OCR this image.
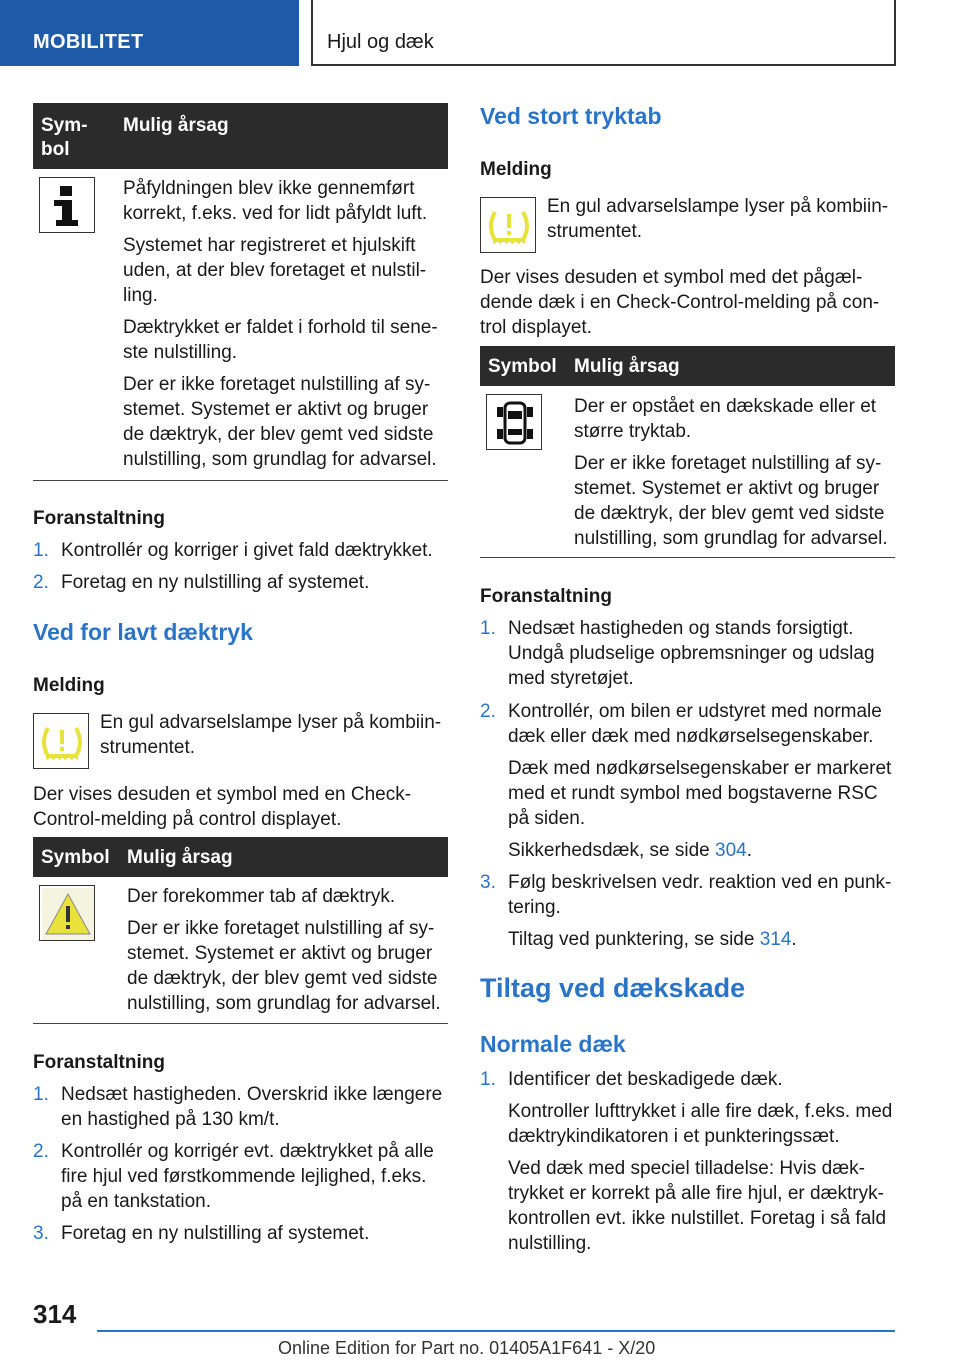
MOBILITET	Hjul og dæk
Sym-
bol
Mulig årsag
Påfyldningen blev ikke gennemført
korrekt, f.eks. ved for lidt påfyldt luft.
Systemet har registreret et hjulskift
uden, at der blev foretaget et nulstil-
ling.
Dæktrykket er faldet i forhold til sene-
ste nulstilling.
Der er ikke foretaget nulstilling af sy-
stemet. Systemet er aktivt og bruger
de dæktryk, der blev gemt ved sidste
nulstilling, som grundlag for advarsel.
Foranstaltning
1. Kontrollér og korriger i givet fald dæktrykket.
2. Foretag en ny nulstilling af systemet.
Ved for lavt dæktryk
Melding
En gul advarselslampe lyser på kombiin-
strumentet.
Der vises desuden et symbol med en Check-
Control-melding på control displayet.
Symbol Mulig årsag
Der forekommer tab af dæktryk.
Der er ikke foretaget nulstilling af sy-
stemet. Systemet er aktivt og bruger
de dæktryk, der blev gemt ved sidste
nulstilling, som grundlag for advarsel.
Foranstaltning
1. Nedsæt hastigheden. Overskrid ikke længere
en hastighed på 130 km/t.
2. Kontrollér og korrigér evt. dæktrykket på alle
fire hjul ved førstkommende lejlighed, f.eks.
på en tankstation.
3. Foretag en ny nulstilling af systemet.
Ved stort tryktab
Melding
En gul advarselslampe lyser på kombiin-
strumentet.
Der vises desuden et symbol med det pågæl-
dende dæk i en Check-Control-melding på con-
trol displayet.
Symbol Mulig årsag
Der er opstået en dækskade eller et
større tryktab.
Der er ikke foretaget nulstilling af sy-
stemet. Systemet er aktivt og bruger
de dæktryk, der blev gemt ved sidste
nulstilling, som grundlag for advarsel.
Foranstaltning
1. Nedsæt hastigheden og stands forsigtigt.
Undgå pludselige opbremsninger og udslag
med styretøjet.
2. Kontrollér, om bilen er udstyret med normale
dæk eller dæk med nødkørselsegenskaber.
Dæk med nødkørselsegenskaber er markeret
med et rundt symbol med bogstaverne RSC
på siden.
Sikkerhedsdæk, se side 304.
3. Følg beskrivelsen vedr. reaktion ved en punk-
tering.
Tiltag ved punktering, se side 314.
Tiltag ved dækskade
Normale dæk
1. Identificer det beskadigede dæk.
Kontroller lufttrykket i alle fire dæk, f.eks. med
dæktrykindikatoren i et punkteringssæt.
Ved dæk med speciel tilladelse: Hvis dæk-
trykket er korrekt på alle fire hjul, er dæktryk-
kontrollen evt. ikke nulstillet. Foretag i så fald
nulstilling.
314
Online Edition for Part no. 01405A1F641 - X/20
